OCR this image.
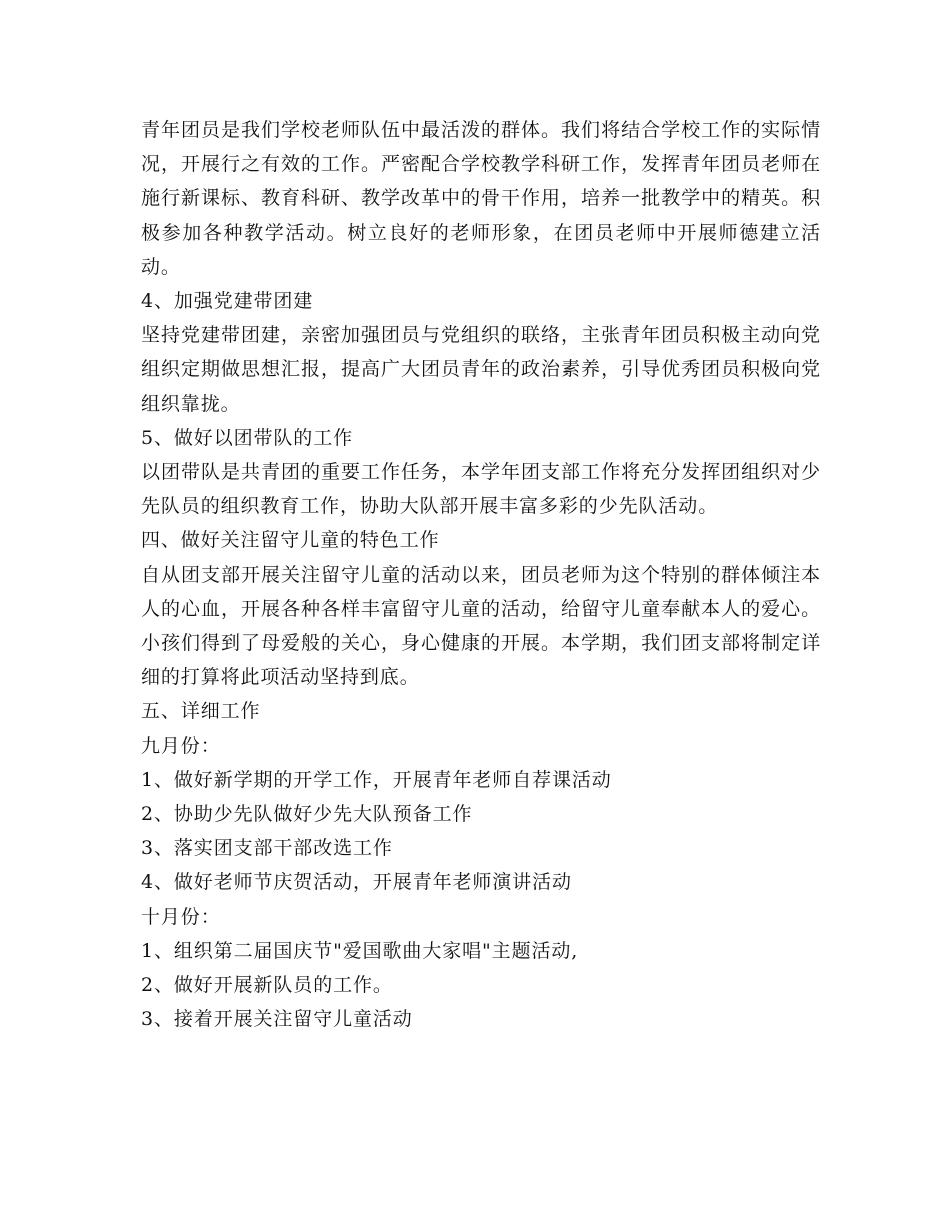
青年团员是我们学校老师队伍中最活泼的群体。我们将结合学校工作的实际情况，开展行之有效的工作。严密配合学校教学科研工作，发挥青年团员老师在施行新课标、教育科研、教学改革中的骨干作用，培养一批教学中的精英。积极参加各种教学活动。树立良好的老师形象，在团员老师中开展师德建立活动。

4、加强党建带团建

坚持党建带团建，亲密加强团员与党组织的联络，主张青年团员积极主动向党组织定期做思想汇报，提高广大团员青年的政治素养，引导优秀团员积极向党组织靠拢。

5、做好以团带队的工作

以团带队是共青团的重要工作任务，本学年团支部工作将充分发挥团组织对少先队员的组织教育工作，协助大队部开展丰富多彩的少先队活动。

四、做好关注留守儿童的特色工作

自从团支部开展关注留守儿童的活动以来，团员老师为这个特别的群体倾注本人的心血，开展各种各样丰富留守儿童的活动，给留守儿童奉献本人的爱心。小孩们得到了母爱般的关心，身心健康的开展。本学期，我们团支部将制定详细的打算将此项活动坚持到底。

五、详细工作

九月份：

1、做好新学期的开学工作，开展青年老师自荐课活动

2、协助少先队做好少先大队预备工作

3、落实团支部干部改选工作

4、做好老师节庆贺活动，开展青年老师演讲活动

十月份：

1、组织第二届国庆节"爱国歌曲大家唱"主题活动,

2、做好开展新队员的工作。

3、接着开展关注留守儿童活动
